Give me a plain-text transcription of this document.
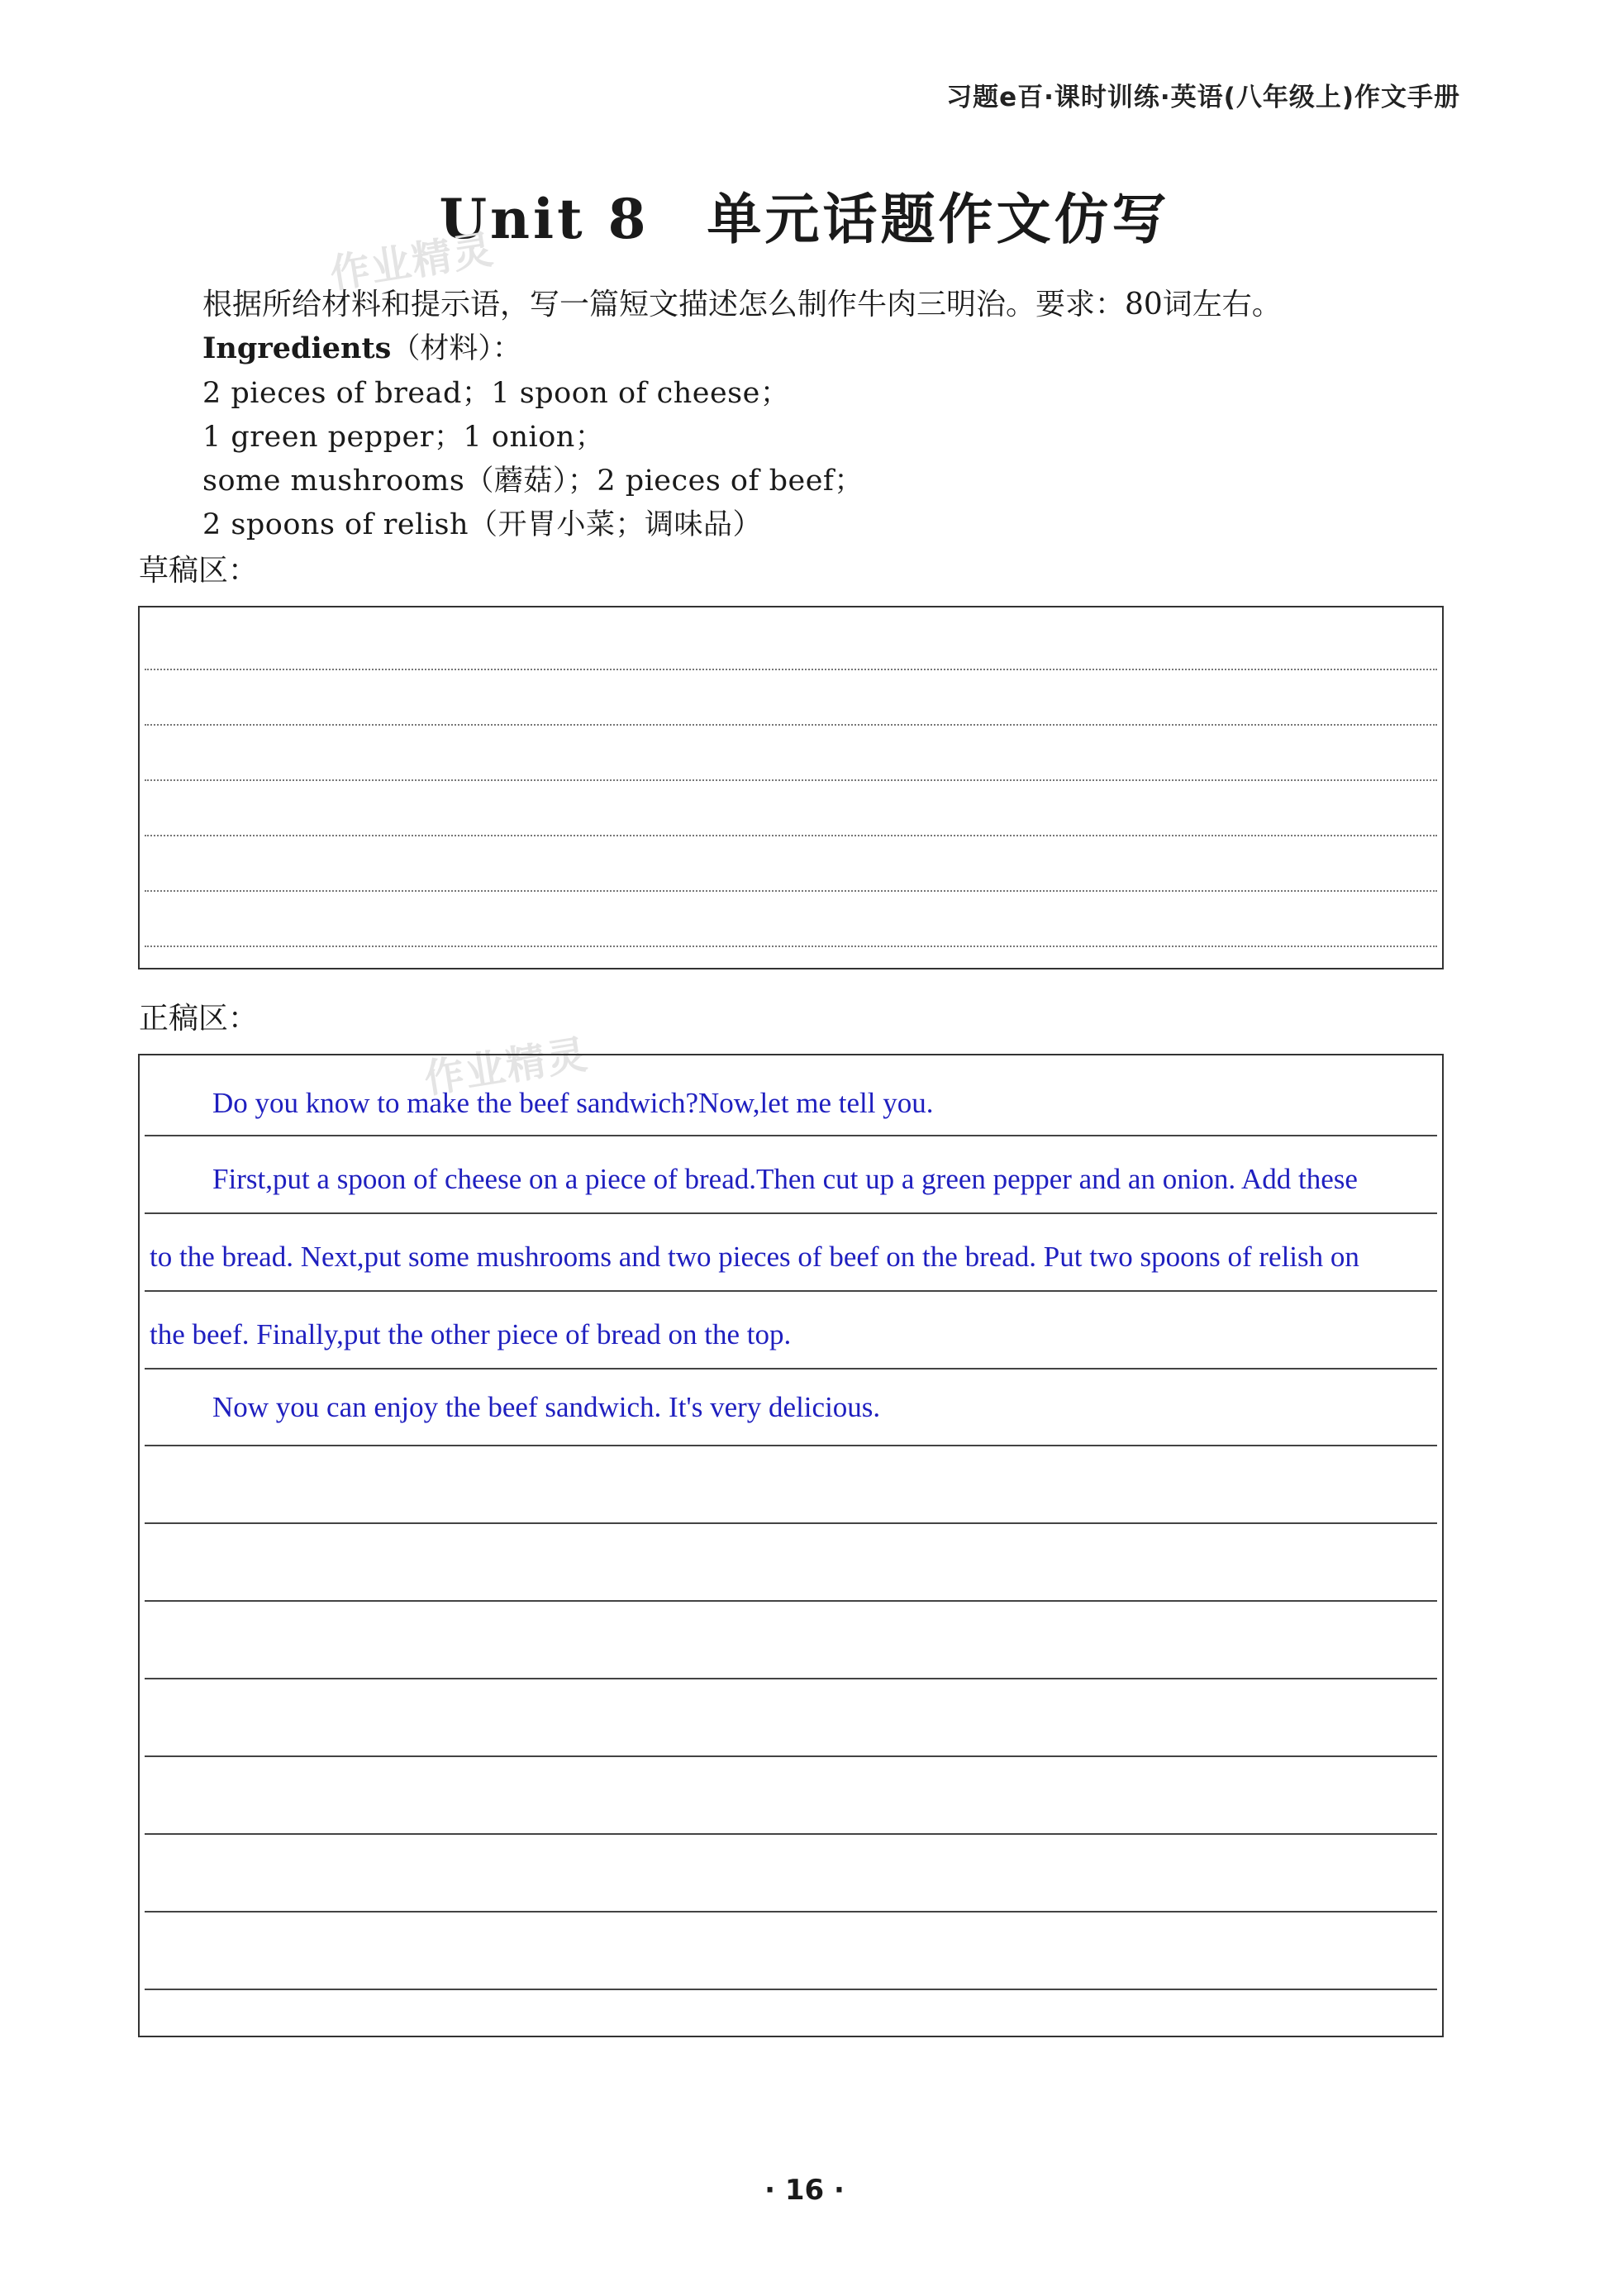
习题e百·课时训练·英语(八年级上)作文手册
Unit 8　单元话题作文仿写
作业精灵
作业精灵
根据所给材料和提示语，写一篇短文描述怎么制作牛肉三明治。要求：80词左右。
Ingredients（材料）：
2 pieces of bread；1 spoon of cheese；
1 green pepper；1 onion；
some mushrooms（蘑菇）；2 pieces of beef；
2 spoons of relish（开胃小菜；调味品）
草稿区：
正稿区：
Do you know to make the beef sandwich?Now,let me tell you.
First,put a spoon of cheese on a piece of bread.Then cut up a green pepper and an onion. Add these
to the bread. Next,put some mushrooms and two pieces of beef on the bread. Put two spoons of relish on
the beef. Finally,put the other piece of bread on the top.
Now you can enjoy the beef sandwich. It's very delicious.
· 16 ·
